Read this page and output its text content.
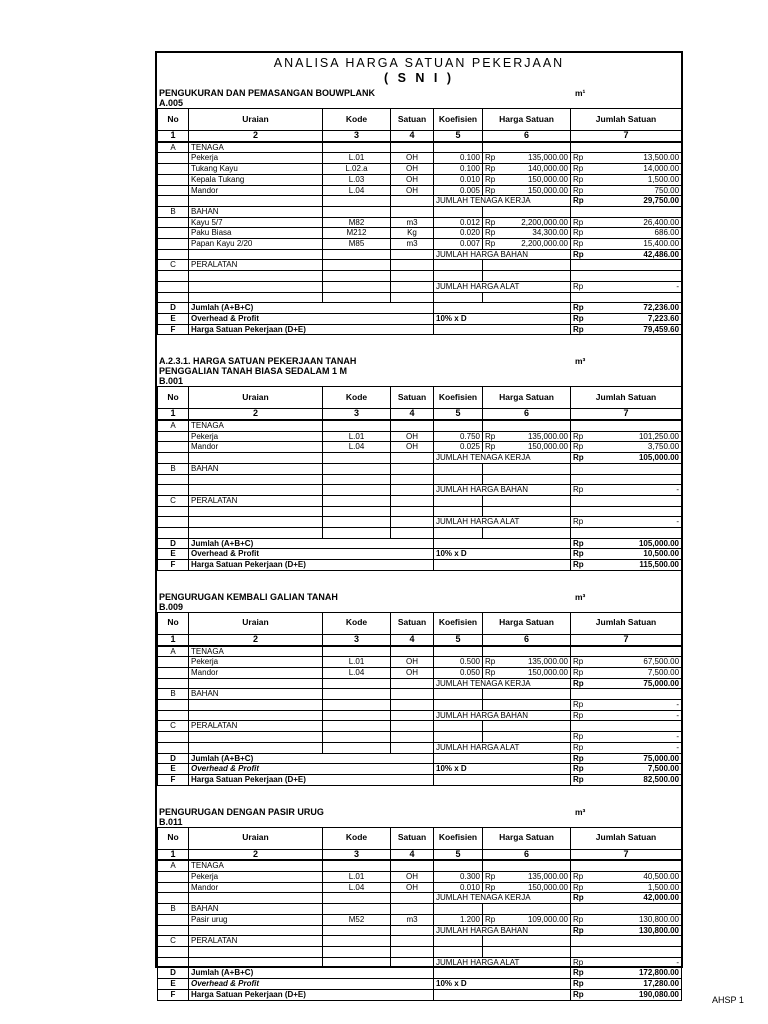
ANALISA HARGA SATUAN PEKERJAAN
( S N I )
PENGUKURAN DAN PEMASANGAN BOUWPLANK
A.005
m¹
No	Uraian	Kode	Satuan	Koefisien	Harga Satuan		Jumlah Satuan	
1	2	3	4	5	6		7	
A	TENAGA							
	Pekerja	L.01	OH	0.100	Rp	135,000.00	Rp	13,500.00
	Tukang Kayu	L.02.a	OH	0.100	Rp	140,000.00	Rp	14,000.00
	Kepala Tukang	L.03	OH	0.010	Rp	150,000.00	Rp	1,500.00
	Mandor	L.04	OH	0.005	Rp	150,000.00	Rp	750.00
				JUMLAH TENAGA KERJA			Rp	29,750.00
B	BAHAN							
	Kayu 5/7	M82	m3	0.012	Rp	2,200,000.00	Rp	26,400.00
	Paku Biasa	M212	Kg	0.020	Rp	34,300.00	Rp	686.00
	Papan Kayu 2/20	M85	m3	0.007	Rp	2,200,000.00	Rp	15,400.00
				JUMLAH HARGA BAHAN			Rp	42,486.00
C	PERALATAN							

				JUMLAH HARGA ALAT			Rp	-

D	Jumlah (A+B+C)						Rp	72,236.00
E	Overhead & Profit			10% x D			Rp	7,223.60
F	Harga Satuan Pekerjaan (D+E)						Rp	79,459.60
A.2.3.1. HARGA SATUAN PEKERJAAN TANAH
PENGGALIAN TANAH BIASA SEDALAM 1 M
B.001
m³
No	Uraian	Kode	Satuan	Koefisien	Harga Satuan		Jumlah Satuan	
1	2	3	4	5	6		7	
A	TENAGA							
	Pekerja	L.01	OH	0.750	Rp	135,000.00	Rp	101,250.00
	Mandor	L.04	OH	0.025	Rp	150,000.00	Rp	3,750.00
				JUMLAH TENAGA KERJA			Rp	105,000.00
B	BAHAN							

				JUMLAH HARGA BAHAN			Rp	-
C	PERALATAN							

				JUMLAH HARGA ALAT			Rp	-

D	Jumlah (A+B+C)						Rp	105,000.00
E	Overhead & Profit			10% x D			Rp	10,500.00
F	Harga Satuan Pekerjaan (D+E)						Rp	115,500.00
PENGURUGAN KEMBALI GALIAN TANAH
B.009
m³
No	Uraian	Kode	Satuan	Koefisien	Harga Satuan		Jumlah Satuan	
1	2	3	4	5	6		7	
A	TENAGA							
	Pekerja	L.01	OH	0.500	Rp	135,000.00	Rp	67,500.00
	Mandor	L.04	OH	0.050	Rp	150,000.00	Rp	7,500.00
				JUMLAH TENAGA KERJA			Rp	75,000.00
B	BAHAN							
							Rp	-
				JUMLAH HARGA BAHAN			Rp	-
C	PERALATAN							
							Rp	-
				JUMLAH HARGA ALAT			Rp	-
D	Jumlah (A+B+C)						Rp	75,000.00
E	Overhead & Profit			10% x D			Rp	7,500.00
F	Harga Satuan Pekerjaan (D+E)						Rp	82,500.00
PENGURUGAN DENGAN PASIR URUG
B.011
m³
No	Uraian	Kode	Satuan	Koefisien	Harga Satuan		Jumlah Satuan	
1	2	3	4	5	6		7	
A	TENAGA							
	Pekerja	L.01	OH	0.300	Rp	135,000.00	Rp	40,500.00
	Mandor	L.04	OH	0.010	Rp	150,000.00	Rp	1,500.00
				JUMLAH TENAGA KERJA			Rp	42,000.00
B	BAHAN							
	Pasir urug	M52	m3	1.200	Rp	109,000.00	Rp	130,800.00
				JUMLAH HARGA BAHAN			Rp	130,800.00
C	PERALATAN							

				JUMLAH HARGA ALAT			Rp	-
D	Jumlah (A+B+C)						Rp	172,800.00
E	Overhead & Profit			10% x D			Rp	17,280.00
F	Harga Satuan Pekerjaan (D+E)						Rp	190,080.00
AHSP 1
